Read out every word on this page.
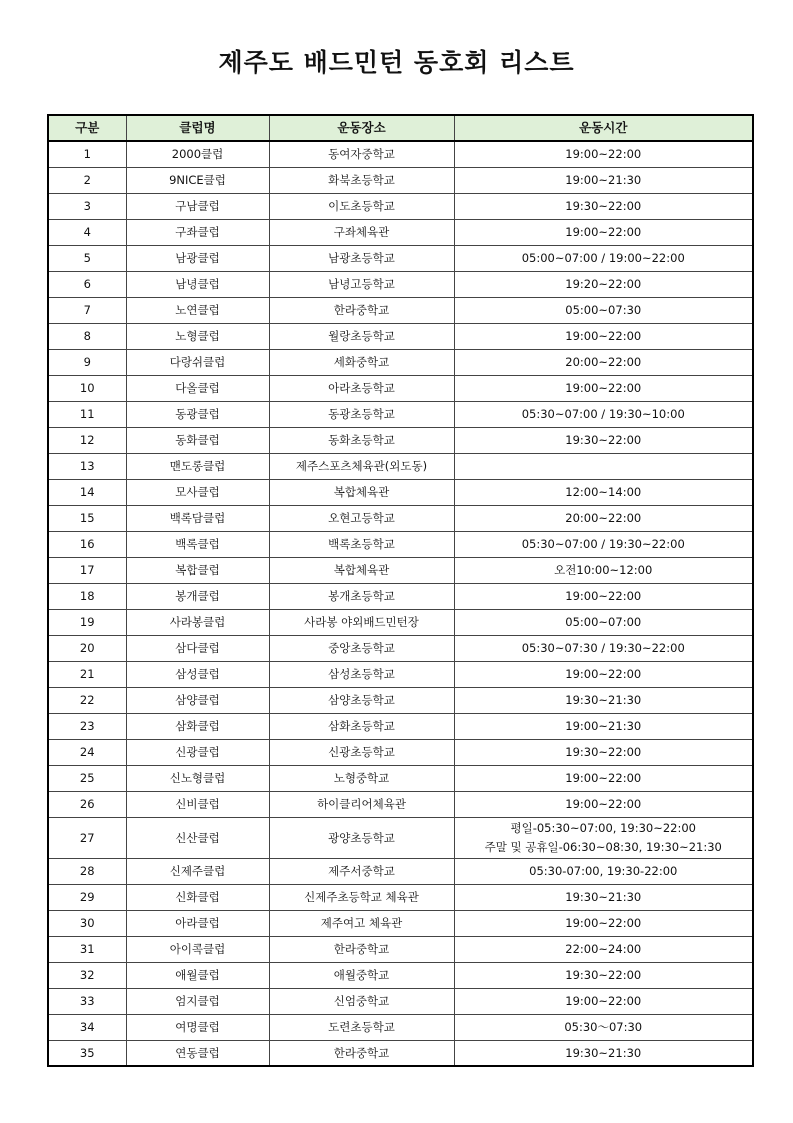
제주도 배드민턴 동호회 리스트
구분	클럽명	운동장소	운동시간
1	2000클럽	동여자중학교	19:00~22:00
2	9NICE클럽	화북초등학교	19:00~21:30
3	구남클럽	이도초등학교	19:30~22:00
4	구좌클럽	구좌체육관	19:00~22:00
5	남광클럽	남광초등학교	05:00~07:00 / 19:00~22:00
6	남녕클럽	남녕고등학교	19:20~22:00
7	노연클럽	한라중학교	05:00~07:30
8	노형클럽	월랑초등학교	19:00~22:00
9	다랑쉬클럽	세화중학교	20:00~22:00
10	다올클럽	아라초등학교	19:00~22:00
11	동광클럽	동광초등학교	05:30~07:00 / 19:30~10:00
12	동화클럽	동화초등학교	19:30~22:00
13	맨도롱클럽	제주스포츠체육관(외도동)	
14	모사클럽	복합체육관	12:00~14:00
15	백록담클럽	오현고등학교	20:00~22:00
16	백록클럽	백록초등학교	05:30~07:00 / 19:30~22:00
17	복합클럽	복합체육관	오전10:00~12:00
18	봉개클럽	봉개초등학교	19:00~22:00
19	사라봉클럽	사라봉 야외배드민턴장	05:00~07:00
20	삼다클럽	중앙초등학교	05:30~07:30 / 19:30~22:00
21	삼성클럽	삼성초등학교	19:00~22:00
22	삼양클럽	삼양초등학교	19:30~21:30
23	삼화클럽	삼화초등학교	19:00~21:30
24	신광클럽	신광초등학교	19:30~22:00
25	신노형클럽	노형중학교	19:00~22:00
26	신비클럽	하이클리어체육관	19:00~22:00
27	신산클럽	광양초등학교	평일-05:30~07:00, 19:30~22:00
주말 및 공휴일-06:30~08:30, 19:30~21:30

28	신제주클럽	제주서중학교	05:30-07:00, 19:30-22:00
29	신화클럽	신제주초등학교 체육관	19:30~21:30
30	아라클럽	제주여고 체육관	19:00~22:00
31	아이콕클럽	한라중학교	22:00~24:00
32	애월클럽	애월중학교	19:30~22:00
33	엄지클럽	신엄중학교	19:00~22:00
34	여명클럽	도련초등학교	05:30〜07:30
35	연동클럽	한라중학교	19:30~21:30
